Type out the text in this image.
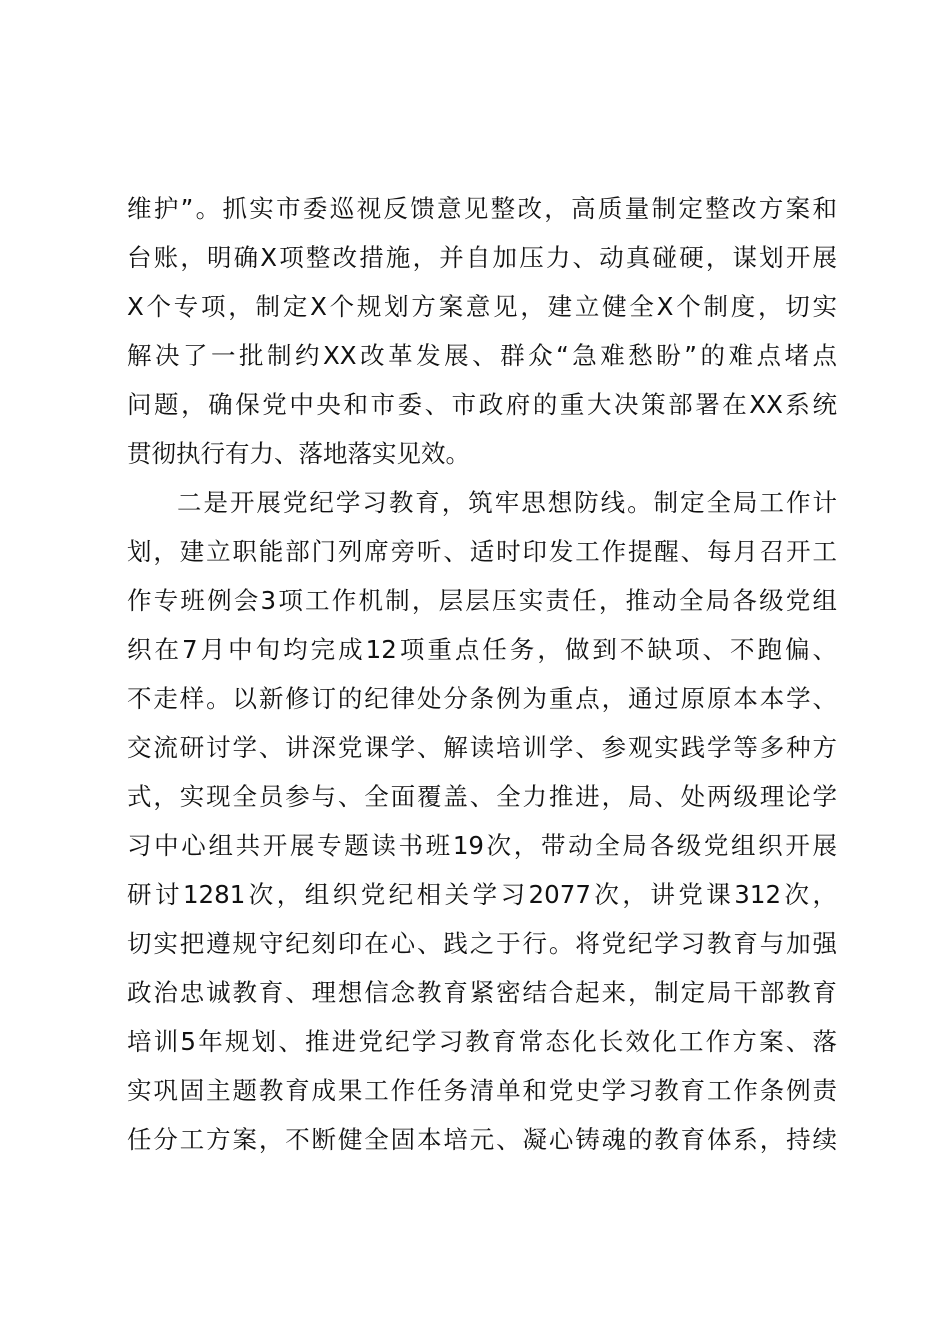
维护”。抓实市委巡视反馈意见整改，高质量制定整改方案和
台账，明确X项整改措施，并自加压力、动真碰硬，谋划开展
X个专项，制定X个规划方案意见，建立健全X个制度，切实
解决了一批制约XX改革发展、群众“急难愁盼”的难点堵点
问题，确保党中央和市委、市政府的重大决策部署在XX系统
贯彻执行有力、落地落实见效。
二是开展党纪学习教育，筑牢思想防线。制定全局工作计
划，建立职能部门列席旁听、适时印发工作提醒、每月召开工
作专班例会3项工作机制，层层压实责任，推动全局各级党组
织在7月中旬均完成12项重点任务，做到不缺项、不跑偏、
不走样。以新修订的纪律处分条例为重点，通过原原本本学、
交流研讨学、讲深党课学、解读培训学、参观实践学等多种方
式，实现全员参与、全面覆盖、全力推进，局、处两级理论学
习中心组共开展专题读书班19次，带动全局各级党组织开展
研讨1281次，组织党纪相关学习2077次，讲党课312次，
切实把遵规守纪刻印在心、践之于行。将党纪学习教育与加强
政治忠诚教育、理想信念教育紧密结合起来，制定局干部教育
培训5年规划、推进党纪学习教育常态化长效化工作方案、落
实巩固主题教育成果工作任务清单和党史学习教育工作条例责
任分工方案，不断健全固本培元、凝心铸魂的教育体系，持续
